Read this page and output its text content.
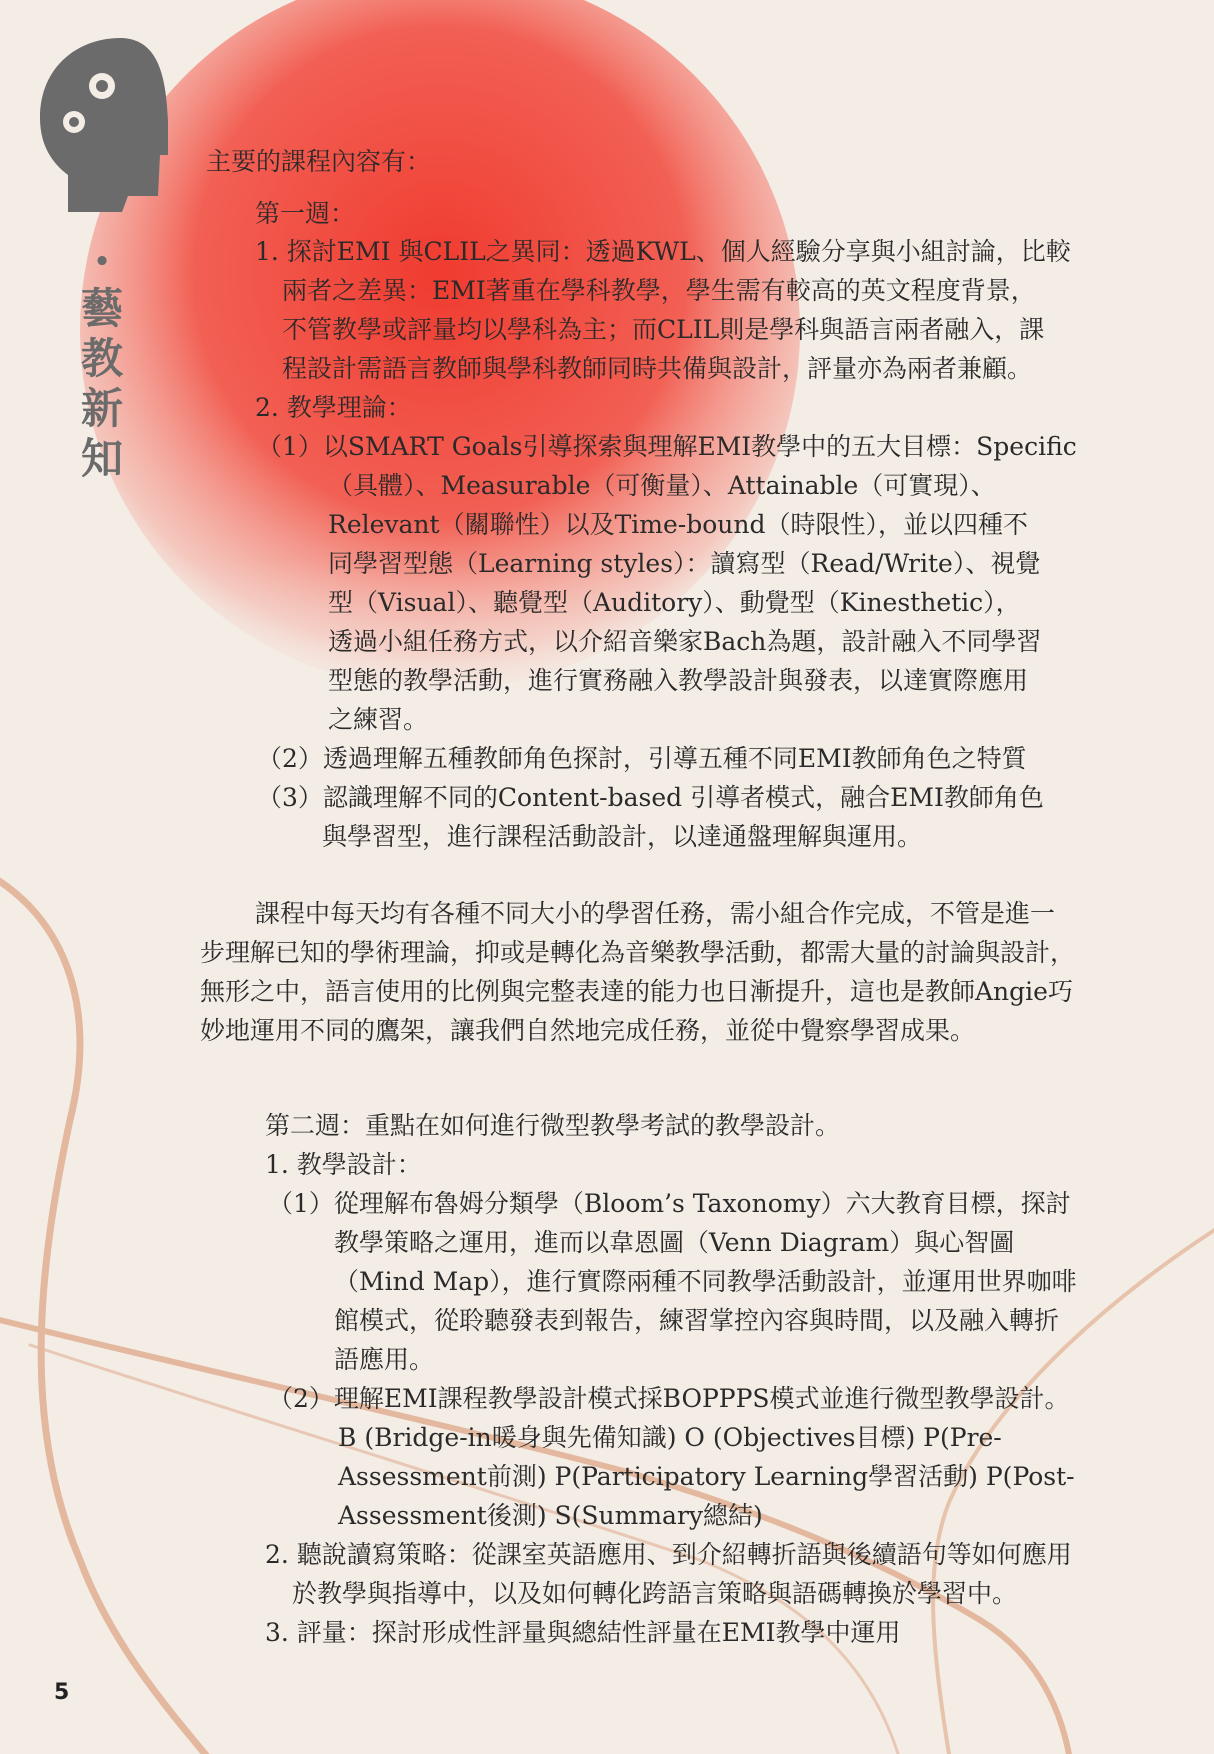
•
藝
教
新
知
主要的課程內容有：
第一週：
1. 探討EMI 與CLIL之異同：透過KWL、個人經驗分享與小組討論，比較
兩者之差異：EMI著重在學科教學，學生需有較高的英文程度背景，
不管教學或評量均以學科為主；而CLIL則是學科與語言兩者融入，課
程設計需語言教師與學科教師同時共備與設計，評量亦為兩者兼顧。
2. 教學理論：
（1）以SMART Goals引導探索與理解EMI教學中的五大目標：Specific
（具體）、Measurable（可衡量）、Attainable（可實現）、
Relevant（關聯性）以及Time-bound（時限性），並以四種不
同學習型態（Learning styles）：讀寫型（Read/Write）、視覺
型（Visual）、聽覺型（Auditory）、動覺型（Kinesthetic），
透過小組任務方式，以介紹音樂家Bach為題，設計融入不同學習
型態的教學活動，進行實務融入教學設計與發表，以達實際應用
之練習。
（2）透過理解五種教師角色探討，引導五種不同EMI教師角色之特質
（3）認識理解不同的Content-based 引導者模式，融合EMI教師角色
與學習型，進行課程活動設計，以達通盤理解與運用。
課程中每天均有各種不同大小的學習任務，需小組合作完成，不管是進一
步理解已知的學術理論，抑或是轉化為音樂教學活動，都需大量的討論與設計，
無形之中，語言使用的比例與完整表達的能力也日漸提升，這也是教師Angie巧
妙地運用不同的鷹架，讓我們自然地完成任務，並從中覺察學習成果。
第二週：重點在如何進行微型教學考試的教學設計。
1. 教學設計：
（1）從理解布魯姆分類學（Bloom’s Taxonomy）六大教育目標，探討
教學策略之運用，進而以韋恩圖（Venn Diagram）與心智圖
（Mind Map），進行實際兩種不同教學活動設計，並運用世界咖啡
館模式，從聆聽發表到報告，練習掌控內容與時間，以及融入轉折
語應用。
（2）理解EMI課程教學設計模式採BOPPPS模式並進行微型教學設計。
B (Bridge-in暖身與先備知識) O (Objectives目標) P(Pre-
Assessment前測) P(Participatory Learning學習活動) P(Post-
Assessment後測) S(Summary總結)
2. 聽說讀寫策略：從課室英語應用、到介紹轉折語與後續語句等如何應用
於教學與指導中，以及如何轉化跨語言策略與語碼轉換於學習中。
3. 評量：探討形成性評量與總結性評量在EMI教學中運用
5
